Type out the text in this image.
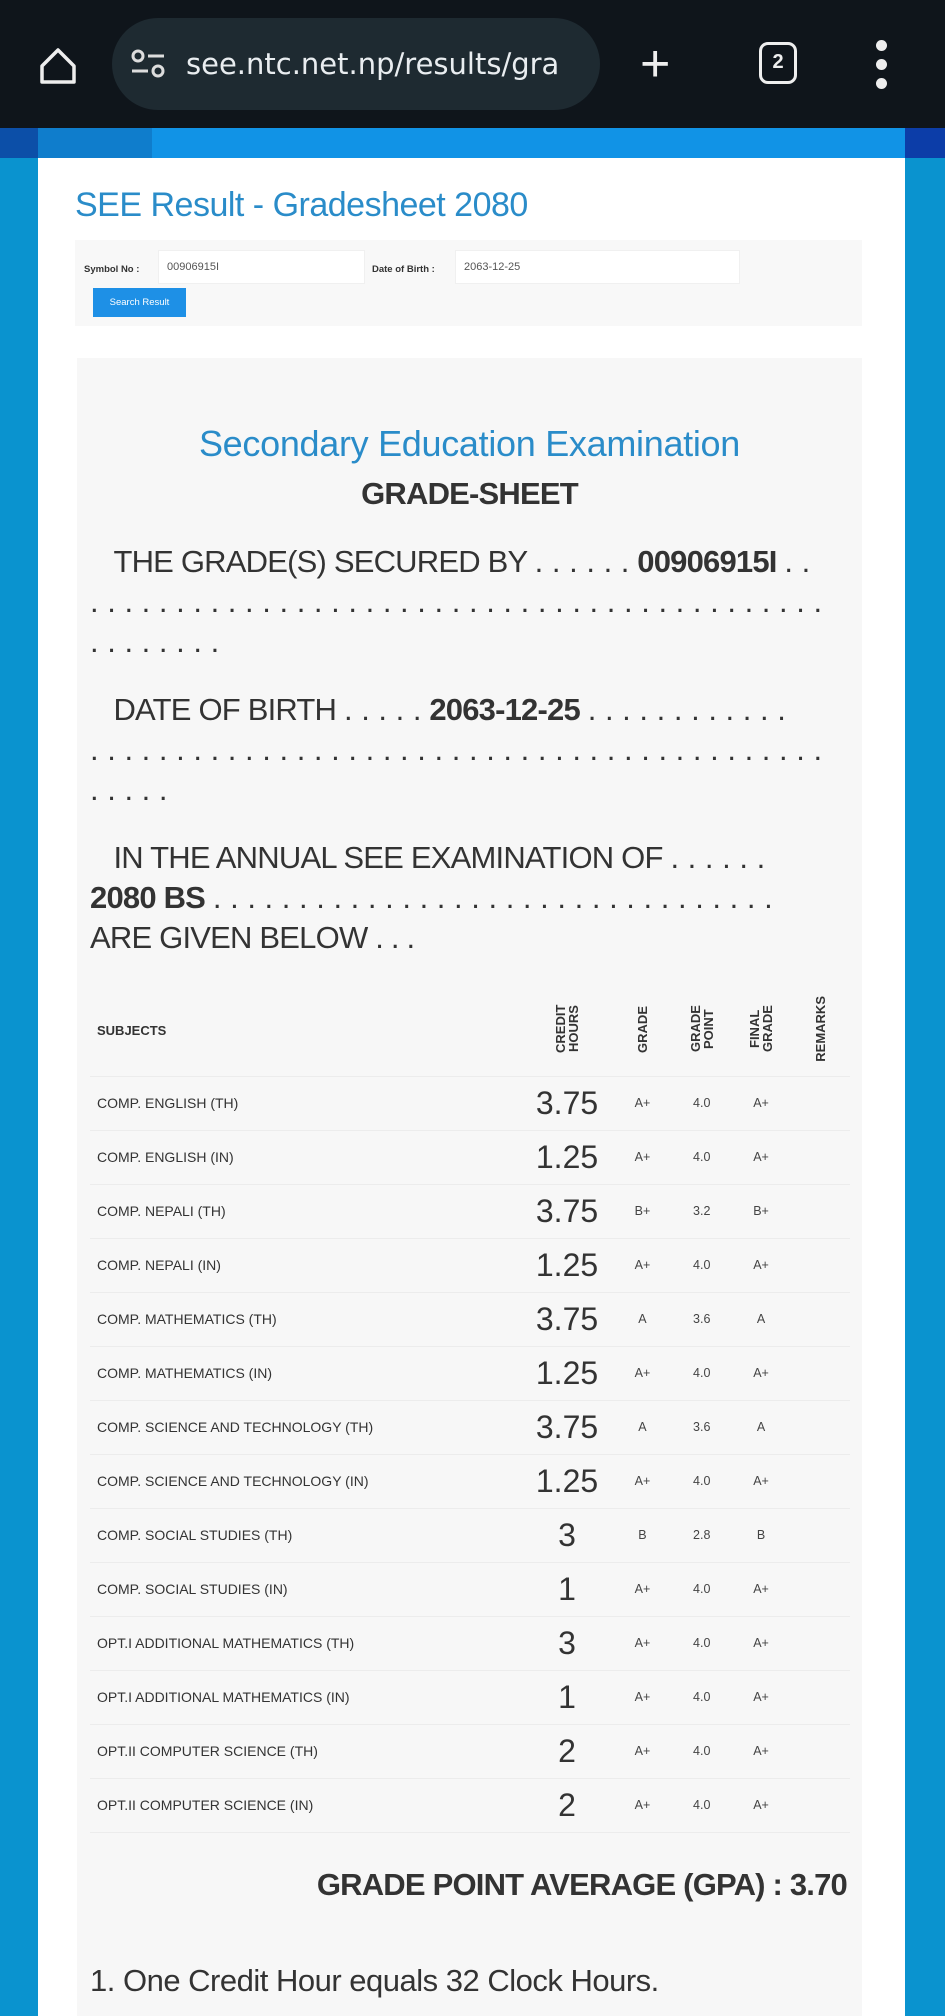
see.ntc.net.np/results/gra +	2
SEE Result - Gradesheet 2080
Symbol No :
00906915I	Date of Birth :
2063-12-25
Search Result
Secondary Education Examination
GRADE-SHEET
THE GRADE(S) SECURED BY . . . . . . 00906915I . .
. . . . . . . . . . . . . . . . . . . . . . . . . . . . . . . . . . . . . . . . . . .
. . . . . . . .
DATE OF BIRTH . . . . . 2063-12-25 . . . . . . . . . . . .
. . . . . . . . . . . . . . . . . . . . . . . . . . . . . . . . . . . . . . . . . . .
. . . . .
IN THE ANNUAL SEE EXAMINATION OF . . . . . .
2080 BS . . . . . . . . . . . . . . . . . . . . . . . . . . . . . . . . .
ARE GIVEN BELOW . . .
SUBJECTS	CREDIT HOURS	GRADE	GRADE POINT	FINAL GRADE	REMARKS
COMP. ENGLISH (TH)	3.75	A+	4.0	A+	
COMP. ENGLISH (IN)	1.25	A+	4.0	A+	
COMP. NEPALI (TH)	3.75	B+	3.2	B+	
COMP. NEPALI (IN)	1.25	A+	4.0	A+	
COMP. MATHEMATICS (TH)	3.75	A	3.6	A	
COMP. MATHEMATICS (IN)	1.25	A+	4.0	A+	
COMP. SCIENCE AND TECHNOLOGY (TH)	3.75	A	3.6	A	
COMP. SCIENCE AND TECHNOLOGY (IN)	1.25	A+	4.0	A+	
COMP. SOCIAL STUDIES (TH)	3	B	2.8	B	
COMP. SOCIAL STUDIES (IN)	1	A+	4.0	A+	
OPT.I ADDITIONAL MATHEMATICS (TH)	3	A+	4.0	A+	
OPT.I ADDITIONAL MATHEMATICS (IN)	1	A+	4.0	A+	
OPT.II COMPUTER SCIENCE (TH)	2	A+	4.0	A+	
OPT.II COMPUTER SCIENCE (IN)	2	A+	4.0	A+	
GRADE POINT AVERAGE (GPA) : 3.70
1. One Credit Hour equals 32 Clock Hours.
